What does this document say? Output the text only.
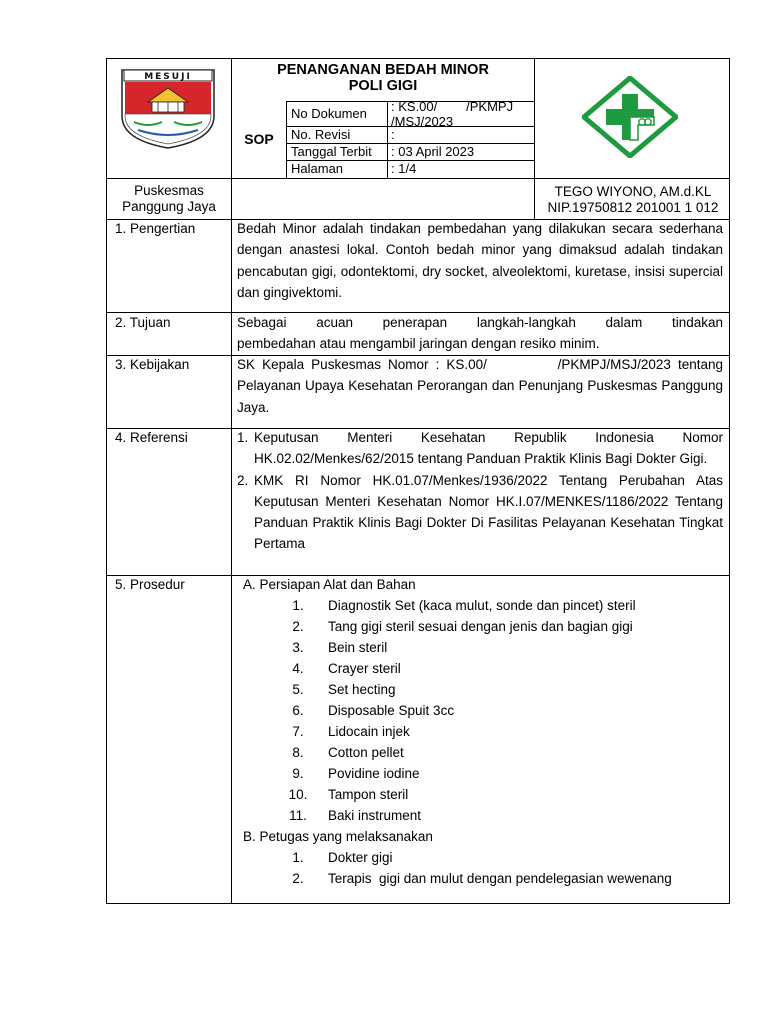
MESUJI	PENANGANAN BEDAH MINOR
POLI GIGI
SOP
No Dokumen : KS.00/        /PKMPJ /MSJ/2023
No. Revisi	:
Tanggal Terbit : 03 April 2023
Halaman	: 1/4
Puskesmas
Panggung Jaya
TEGO WIYONO, AM.d.KL
NIP.19750812 201001 1 012
1. Pengertian	Bedah Minor adalah tindakan pembedahan yang dilakukan secara sederhana dengan anastesi lokal. Contoh bedah minor yang dimaksud adalah tindakan pencabutan gigi, odontektomi, dry socket, alveolektomi, kuretase, insisi supercial dan gingivektomi.
2. Tujuan	Sebagai acuan penerapan langkah-langkah dalam tindakan
pembedahan atau mengambil jaringan dengan resiko minim.
3. Kebijakan	SK Kepala Puskesmas Nomor : KS.00/          /PKMPJ/MSJ/2023 tentang Pelayanan Upaya Kesehatan Perorangan dan Penunjang Puskesmas Panggung Jaya.
4. Referensi	1. Keputusan Menteri Kesehatan Republik Indonesia Nomor HK.02.02/Menkes/62/2015 tentang Panduan Praktik Klinis Bagi Dokter Gigi.
2. KMK RI Nomor HK.01.07/Menkes/1936/2022 Tentang Perubahan Atas Keputusan Menteri Kesehatan Nomor HK.I.07/MENKES/1186/2022 Tentang Panduan Praktik Klinis Bagi Dokter Di Fasilitas Pelayanan Kesehatan Tingkat Pertama
5. Prosedur	A. Persiapan Alat dan Bahan
1.	Diagnostik Set (kaca mulut, sonde dan pincet) steril
2.	Tang gigi steril sesuai dengan jenis dan bagian gigi
3.	Bein steril
4.	Crayer steril
5.	Set hecting
6.	Disposable Spuit 3cc
7.	Lidocain injek
8.	Cotton pellet
9.	Povidine iodine
10.	Tampon steril
11.	Baki instrument
B. Petugas yang melaksanakan
1.	Dokter gigi
2.	Terapis  gigi dan mulut dengan pendelegasian wewenang
